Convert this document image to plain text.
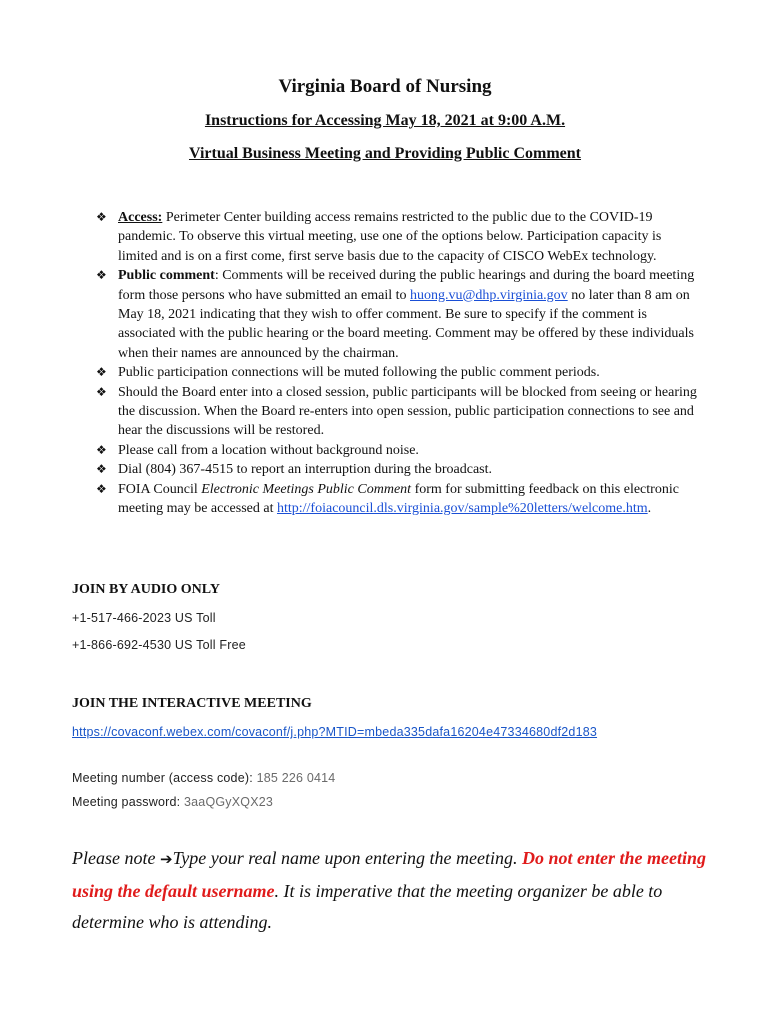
Virginia Board of Nursing
Instructions for Accessing May 18, 2021 at 9:00 A.M.
Virtual Business Meeting and Providing Public Comment
❖ Access: Perimeter Center building access remains restricted to the public due to the COVID-19 pandemic. To observe this virtual meeting, use one of the options below. Participation capacity is limited and is on a first come, first serve basis due to the capacity of CISCO WebEx technology.
❖ Public comment: Comments will be received during the public hearings and during the board meeting form those persons who have submitted an email to huong.vu@dhp.virginia.gov no later than 8 am on May 18, 2021 indicating that they wish to offer comment. Be sure to specify if the comment is associated with the public hearing or the board meeting. Comment may be offered by these individuals when their names are announced by the chairman.
❖ Public participation connections will be muted following the public comment periods.
❖ Should the Board enter into a closed session, public participants will be blocked from seeing or hearing the discussion. When the Board re-enters into open session, public participation connections to see and hear the discussions will be restored.
❖ Please call from a location without background noise.
❖ Dial (804) 367-4515 to report an interruption during the broadcast.
❖ FOIA Council Electronic Meetings Public Comment form for submitting feedback on this electronic meeting may be accessed at http://foiacouncil.dls.virginia.gov/sample%20letters/welcome.htm.
JOIN BY AUDIO ONLY
+1-517-466-2023 US Toll
+1-866-692-4530 US Toll Free
JOIN THE INTERACTIVE MEETING
https://covaconf.webex.com/covaconf/j.php?MTID=mbeda335dafa16204e47334680df2d183
Meeting number (access code): 185 226 0414
Meeting password: 3aaQGyXQX23
Please note ➔Type your real name upon entering the meeting. Do not enter the meeting using the default username. It is imperative that the meeting organizer be able to determine who is attending.
